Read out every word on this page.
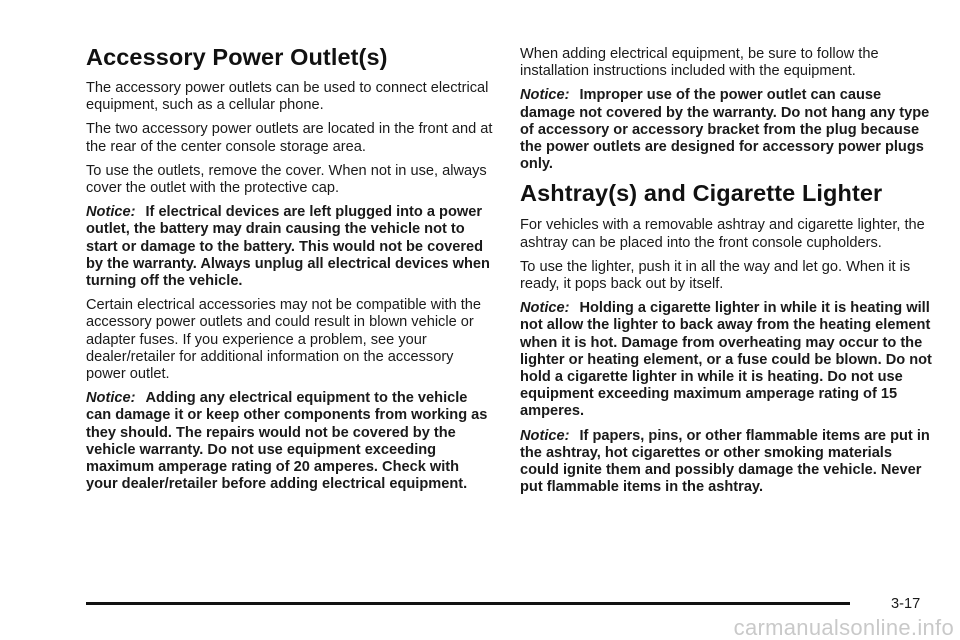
Accessory Power Outlet(s)

The accessory power outlets can be used to connect electrical equipment, such as a cellular phone.

The two accessory power outlets are located in the front and at the rear of the center console storage area.

To use the outlets, remove the cover. When not in use, always cover the outlet with the protective cap.

Notice: If electrical devices are left plugged into a power outlet, the battery may drain causing the vehicle not to start or damage to the battery. This would not be covered by the warranty. Always unplug all electrical devices when turning off the vehicle.

Certain electrical accessories may not be compatible with the accessory power outlets and could result in blown vehicle or adapter fuses. If you experience a problem, see your dealer/retailer for additional information on the accessory power outlet.

Notice: Adding any electrical equipment to the vehicle can damage it or keep other components from working as they should. The repairs would not be covered by the vehicle warranty. Do not use equipment exceeding maximum amperage rating of 20 amperes. Check with your dealer/retailer before adding electrical equipment.

When adding electrical equipment, be sure to follow the installation instructions included with the equipment.

Notice: Improper use of the power outlet can cause damage not covered by the warranty. Do not hang any type of accessory or accessory bracket from the plug because the power outlets are designed for accessory power plugs only.

Ashtray(s) and Cigarette Lighter

For vehicles with a removable ashtray and cigarette lighter, the ashtray can be placed into the front console cupholders.

To use the lighter, push it in all the way and let go. When it is ready, it pops back out by itself.

Notice: Holding a cigarette lighter in while it is heating will not allow the lighter to back away from the heating element when it is hot. Damage from overheating may occur to the lighter or heating element, or a fuse could be blown. Do not hold a cigarette lighter in while it is heating. Do not use equipment exceeding maximum amperage rating of 15 amperes.

Notice: If papers, pins, or other flammable items are put in the ashtray, hot cigarettes or other smoking materials could ignite them and possibly damage the vehicle. Never put flammable items in the ashtray.

3-17
carmanualsonline.info
